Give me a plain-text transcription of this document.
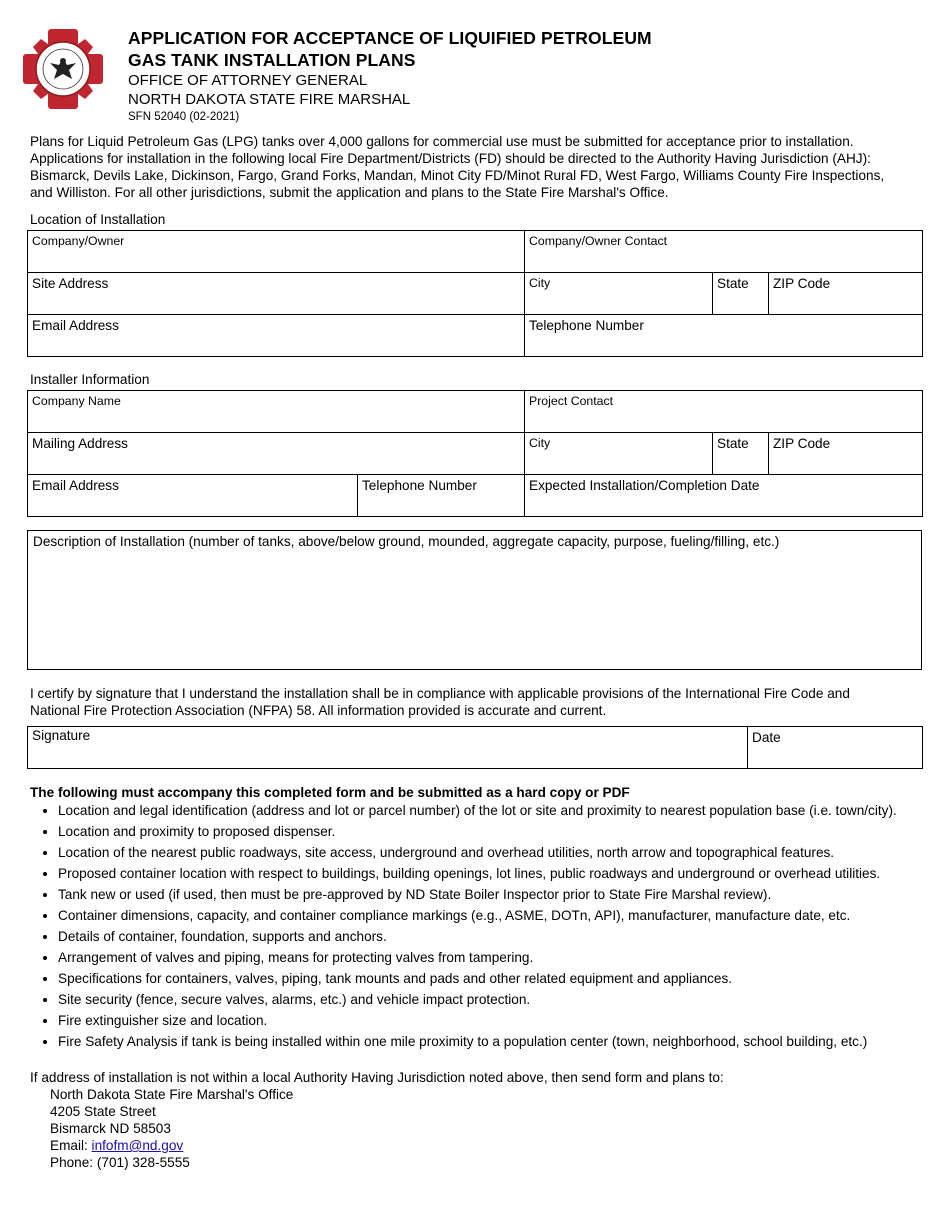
APPLICATION FOR ACCEPTANCE OF LIQUIFIED PETROLEUM
GAS TANK INSTALLATION PLANS
OFFICE OF ATTORNEY GENERAL
NORTH DAKOTA STATE FIRE MARSHAL
SFN 52040 (02-2021)
Plans for Liquid Petroleum Gas (LPG) tanks over 4,000 gallons for commercial use must be submitted for acceptance prior to installation.
Applications for installation in the following local Fire Department/Districts (FD) should be directed to the Authority Having Jurisdiction (AHJ):
Bismarck, Devils Lake, Dickinson, Fargo, Grand Forks, Mandan, Minot City FD/Minot Rural FD, West Fargo, Williams County Fire Inspections,
and Williston. For all other jurisdictions, submit the application and plans to the State Fire Marshal's Office.
Location of Installation
Company/Owner	Company/Owner Contact		

Site Address	City	State	ZIP Code

Email Address	Telephone Number		
Installer Information
Company Name		Project Contact		

Mailing Address		City	State	ZIP Code

Email Address	Telephone Number	Expected Installation/Completion Date		
Description of Installation (number of tanks, above/below ground, mounded, aggregate capacity, purpose, fueling/filling, etc.)
I certify by signature that I understand the installation shall be in compliance with applicable provisions of the International Fire Code and
National Fire Protection Association (NFPA) 58. All information provided is accurate and current.
Signature	Date
The following must accompany this completed form and be submitted as a hard copy or PDF
• Location and legal identification (address and lot or parcel number) of the lot or site and proximity to nearest population base (i.e. town/city).
• Location and proximity to proposed dispenser.
• Location of the nearest public roadways, site access, underground and overhead utilities, north arrow and topographical features.
• Proposed container location with respect to buildings, building openings, lot lines, public roadways and underground or overhead utilities.
• Tank new or used (if used, then must be pre-approved by ND State Boiler Inspector prior to State Fire Marshal review).
• Container dimensions, capacity, and container compliance markings (e.g., ASME, DOTn, API), manufacturer, manufacture date, etc.
• Details of container, foundation, supports and anchors.
• Arrangement of valves and piping, means for protecting valves from tampering.
• Specifications for containers, valves, piping, tank mounts and pads and other related equipment and appliances.
• Site security (fence, secure valves, alarms, etc.) and vehicle impact protection.
• Fire extinguisher size and location.
• Fire Safety Analysis if tank is being installed within one mile proximity to a population center (town, neighborhood, school building, etc.)
If address of installation is not within a local Authority Having Jurisdiction noted above, then send form and plans to:
North Dakota State Fire Marshal's Office
4205 State Street
Bismarck ND 58503
Email: infofm@nd.gov
Phone: (701) 328-5555
